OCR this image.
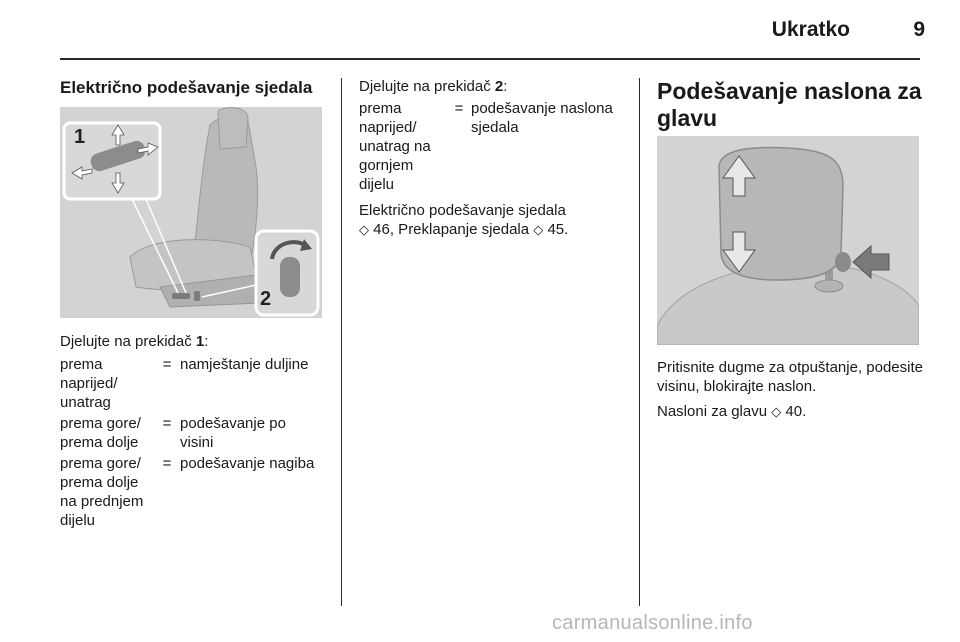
Ukratko	9
Električno podešavanje sjedala
1
2
Djelujte na prekidač 1:
prema
naprijed/
unatrag
= namještanje duljine
prema gore/
prema dolje
= podešavanje po
visini
prema gore/
prema dolje
na prednjem
dijelu
= podešavanje nagiba
Djelujte na prekidač 2:
prema
naprijed/
unatrag na
gornjem
dijelu
= podešavanje naslona
sjedala
Električno podešavanje sjedala
◇ 46, Preklapanje sjedala ◇ 45.
Podešavanje naslona za glavu
Pritisnite dugme za otpuštanje, podesite visinu, blokirajte naslon.
Nasloni za glavu ◇ 40.
carmanualsonline.info
